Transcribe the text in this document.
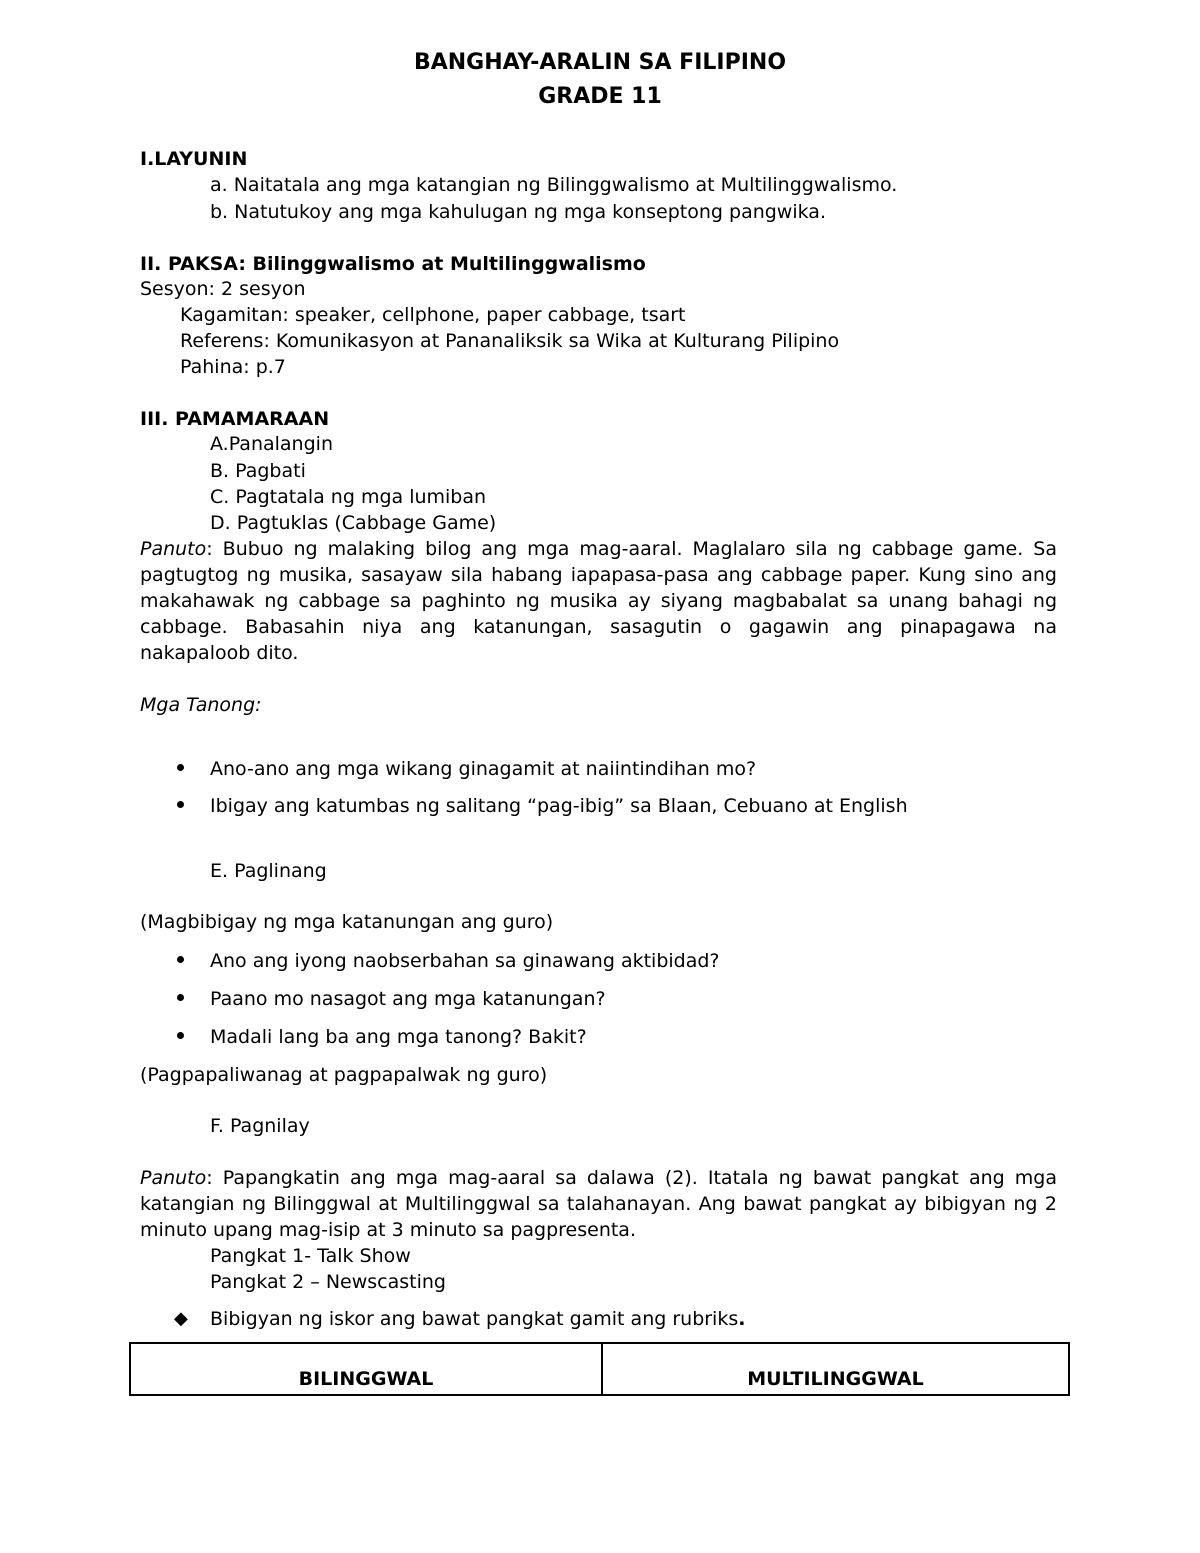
BANGHAY-ARALIN SA FILIPINO
GRADE 11
I.LAYUNIN
a. Naitatala ang mga katangian ng Bilinggwalismo at Multilinggwalismo.
b. Natutukoy ang mga kahulugan ng mga konseptong pangwika.
II. PAKSA: Bilinggwalismo at Multilinggwalismo
Sesyon: 2 sesyon
Kagamitan: speaker, cellphone, paper cabbage, tsart
Referens: Komunikasyon at Pananaliksik sa Wika at Kulturang Pilipino
Pahina: p.7
III. PAMAMARAAN
A.Panalangin
B. Pagbati
C. Pagtatala ng mga lumiban
D. Pagtuklas (Cabbage Game)
Panuto: Bubuo ng malaking bilog ang mga mag-aaral. Maglalaro sila ng cabbage game. Sa pagtugtog ng musika, sasayaw sila habang iapapasa-pasa ang cabbage paper. Kung sino ang makahawak ng cabbage sa paghinto ng musika ay siyang magbabalat sa unang bahagi ng cabbage. Babasahin niya ang katanungan, sasagutin o gagawin ang pinapagawa na nakapaloob dito.
Mga Tanong:
Ano-ano ang mga wikang ginagamit at naiintindihan mo?
Ibigay ang katumbas ng salitang “pag-ibig” sa Blaan, Cebuano at English
E. Paglinang
(Magbibigay ng mga katanungan ang guro)
Ano ang iyong naobserbahan sa ginawang aktibidad?
Paano mo nasagot ang mga katanungan?
Madali lang ba ang mga tanong? Bakit?
(Pagpapaliwanag at pagpapalwak ng guro)
F. Pagnilay
Panuto: Papangkatin ang mga mag-aaral sa dalawa (2). Itatala ng bawat pangkat ang mga katangian ng Bilinggwal at Multilinggwal sa talahanayan. Ang bawat pangkat ay bibigyan ng 2 minuto upang mag-isip at 3 minuto sa pagpresenta.
Pangkat 1- Talk Show
Pangkat 2 – Newscasting
◆ Bibigyan ng iskor ang bawat pangkat gamit ang rubriks.
BILINGGWAL	MULTILINGGWAL
